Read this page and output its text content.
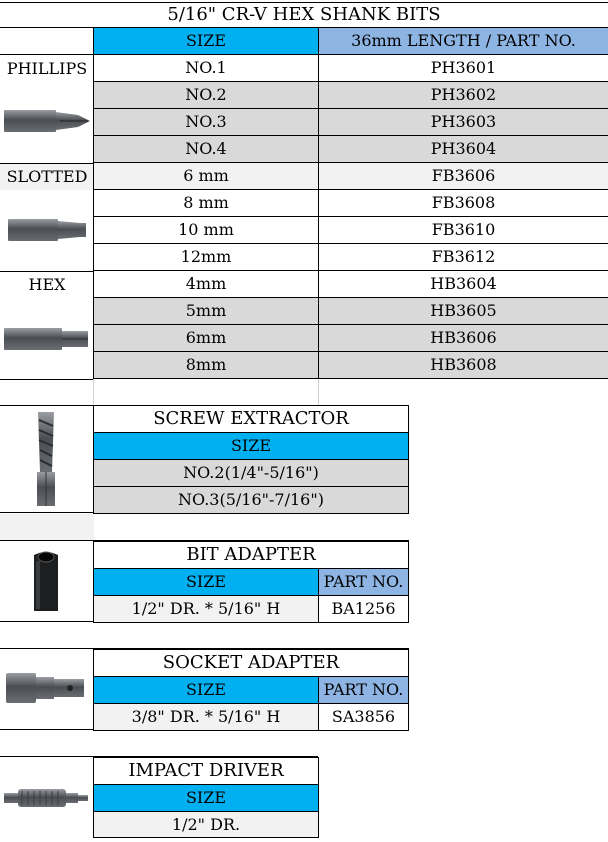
5/16" CR-V HEX SHANK BITS
SIZE	36mm LENGTH / PART NO.
PHILLIPS	NO.1	PH3601
NO.2	PH3602
NO.3	PH3603
NO.4	PH3604
SLOTTED	6 mm	FB3606
8 mm	FB3608
10 mm	FB3610
12mm	FB3612
HEX	4mm	HB3604
5mm	HB3605
6mm	HB3606
8mm	HB3608
SCREW EXTRACTOR
SIZE
NO.2(1/4"-5/16")
NO.3(5/16"-7/16")
BIT ADAPTER
SIZE	PART NO.
1/2" DR. * 5/16" H	BA1256
SOCKET ADAPTER
SIZE	PART NO.
3/8" DR. * 5/16" H	SA3856
IMPACT DRIVER
SIZE
1/2" DR.
